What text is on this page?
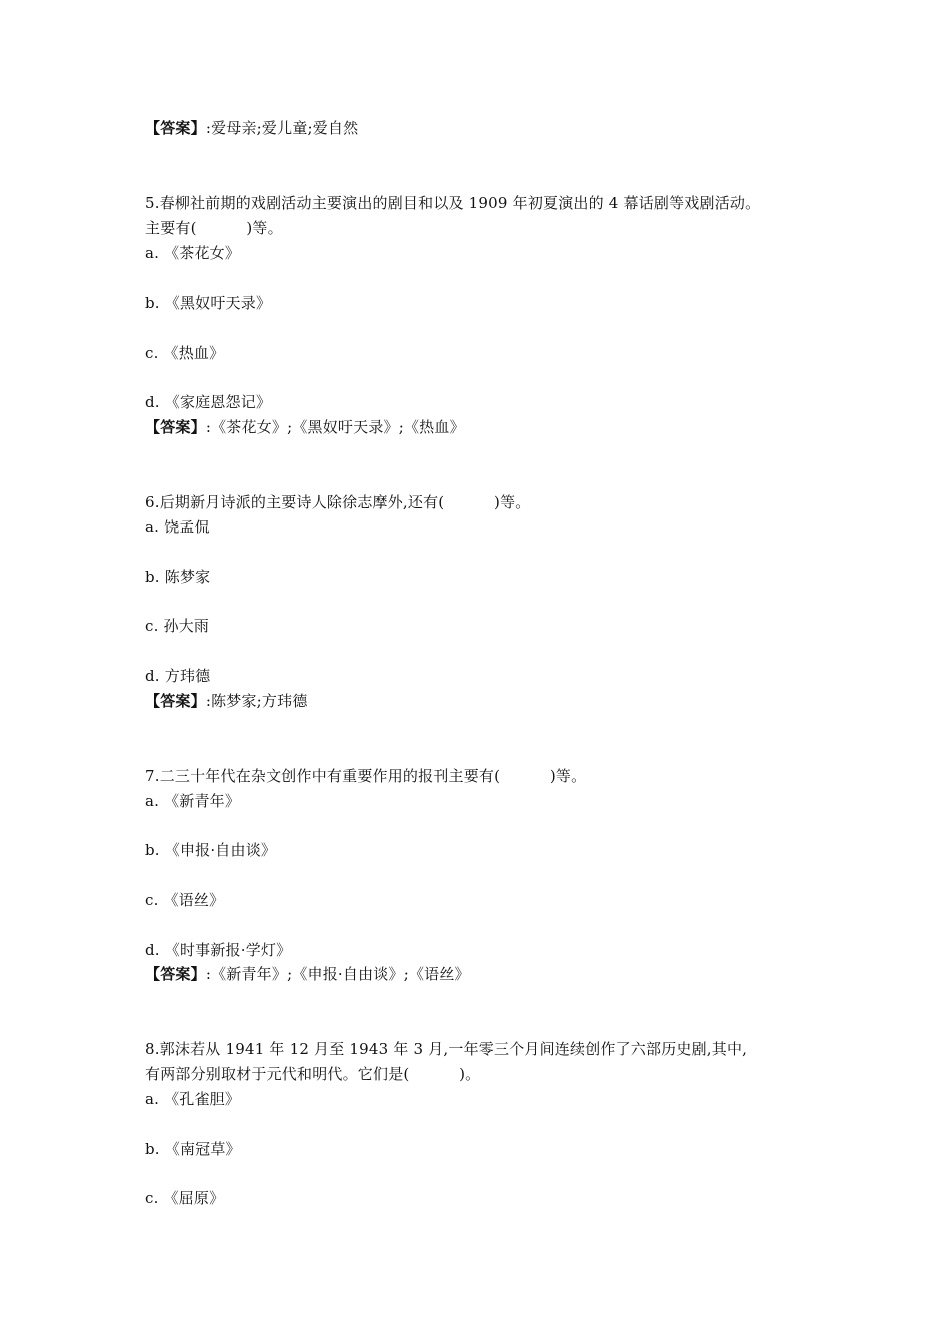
【答案】:爱母亲;爱儿童;爱自然
5.春柳社前期的戏剧活动主要演出的剧目和以及 1909 年初夏演出的 4 幕话剧等戏剧活动。
主要有(          )等。
a. 《茶花女》
b. 《黑奴吁天录》
c. 《热血》
d. 《家庭恩怨记》
【答案】:《茶花女》;《黑奴吁天录》;《热血》
6.后期新月诗派的主要诗人除徐志摩外,还有(          )等。
a. 饶孟侃
b. 陈梦家
c. 孙大雨
d. 方玮德
【答案】:陈梦家;方玮德
7.二三十年代在杂文创作中有重要作用的报刊主要有(          )等。
a. 《新青年》
b. 《申报·自由谈》
c. 《语丝》
d. 《时事新报·学灯》
【答案】:《新青年》;《申报·自由谈》;《语丝》
8.郭沫若从 1941 年 12 月至 1943 年 3 月,一年零三个月间连续创作了六部历史剧,其中,
有两部分别取材于元代和明代。它们是(          )。
a. 《孔雀胆》
b. 《南冠草》
c. 《屈原》
